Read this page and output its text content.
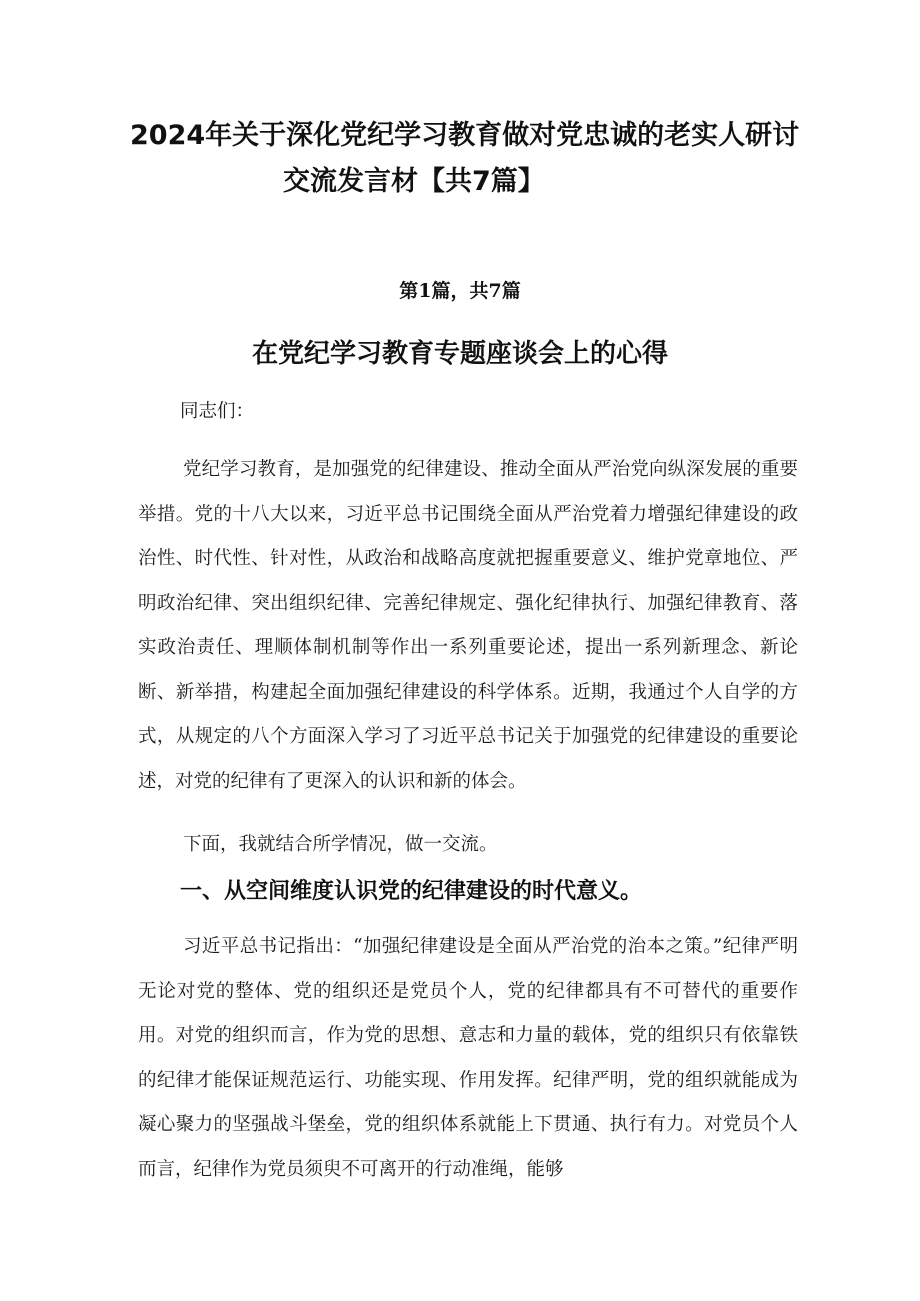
2024年关于深化党纪学习教育做对党忠诚的老实人研讨
交流发言材【共7篇】

第1篇，共7篇

在党纪学习教育专题座谈会上的心得

同志们：

党纪学习教育，是加强党的纪律建设、推动全面从严治党向纵深发展的重要举措。党的十八大以来，习近平总书记围绕全面从严治党着力增强纪律建设的政治性、时代性、针对性，从政治和战略高度就把握重要意义、维护党章地位、严明政治纪律、突出组织纪律、完善纪律规定、强化纪律执行、加强纪律教育、落实政治责任、理顺体制机制等作出一系列重要论述，提出一系列新理念、新论断、新举措，构建起全面加强纪律建设的科学体系。近期，我通过个人自学的方式，从规定的八个方面深入学习了习近平总书记关于加强党的纪律建设的重要论述，对党的纪律有了更深入的认识和新的体会。

下面，我就结合所学情况，做一交流。

一、从空间维度认识党的纪律建设的时代意义。

习近平总书记指出：“加强纪律建设是全面从严治党的治本之策。”纪律严明无论对党的整体、党的组织还是党员个人，党的纪律都具有不可替代的重要作用。对党的组织而言，作为党的思想、意志和力量的载体，党的组织只有依靠铁的纪律才能保证规范运行、功能实现、作用发挥。纪律严明，党的组织就能成为凝心聚力的坚强战斗堡垒，党的组织体系就能上下贯通、执行有力。对党员个人而言，纪律作为党员须臾不可离开的行动准绳，能够
